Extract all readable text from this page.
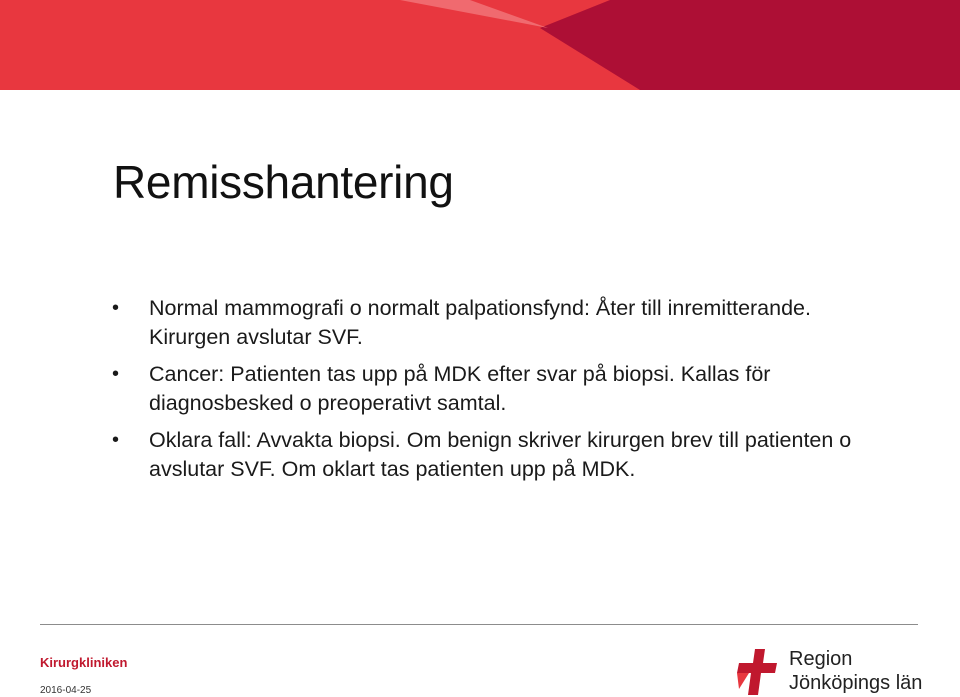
Remisshantering
• Normal mammografi o normalt palpationsfynd: Åter till inremitterande. Kirurgen avslutar SVF.
• Cancer: Patienten tas upp på MDK efter svar på biopsi. Kallas för diagnosbesked o preoperativt samtal.
• Oklara fall: Avvakta biopsi. Om benign skriver kirurgen brev till patienten o avslutar SVF. Om oklart tas patienten upp på MDK.
Kirurgkliniken
2016-04-25
Region
Jönköpings län
